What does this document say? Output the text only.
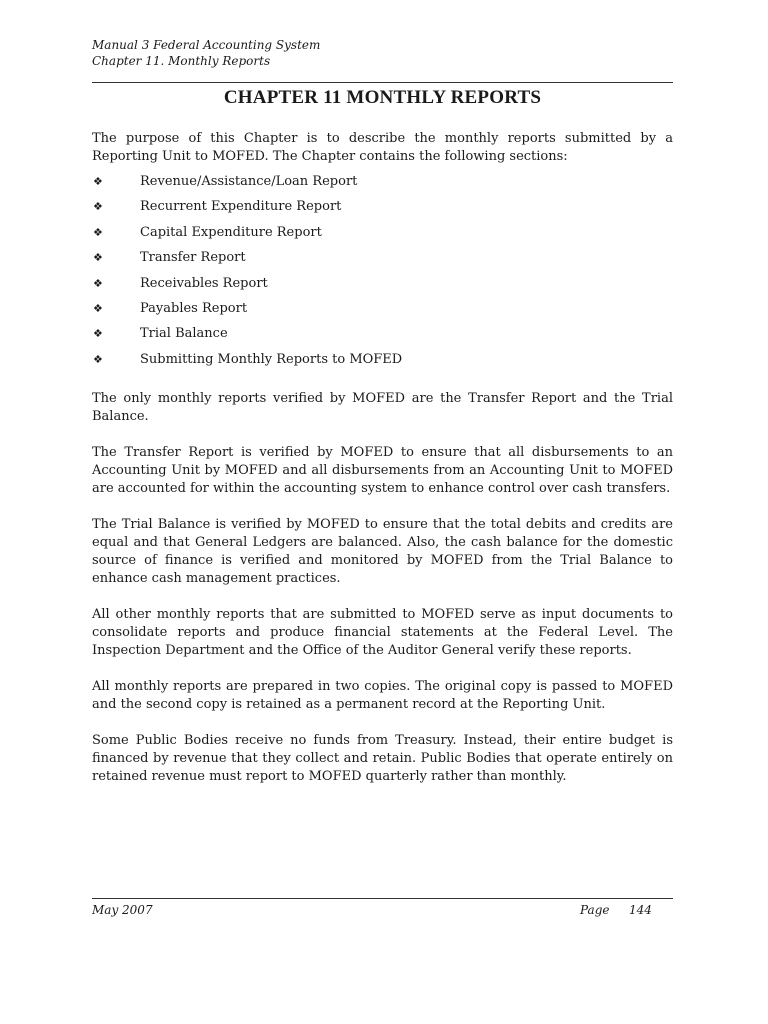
Manual 3 Federal Accounting System
Chapter 11. Monthly Reports
CHAPTER 11 MONTHLY REPORTS

The purpose of this Chapter is to describe the monthly reports submitted by a Reporting Unit to MOFED. The Chapter contains the following sections:

❖	Revenue/Assistance/Loan Report
❖	Recurrent Expenditure Report
❖	Capital Expenditure Report
❖	Transfer Report
❖	Receivables Report
❖	Payables Report
❖	Trial Balance
❖	Submitting Monthly Reports to MOFED

The only monthly reports verified by MOFED are the Transfer Report and the Trial Balance.

The Transfer Report is verified by MOFED to ensure that all disbursements to an Accounting Unit by MOFED and all disbursements from an Accounting Unit to MOFED are accounted for within the accounting system to enhance control over cash transfers.

The Trial Balance is verified by MOFED to ensure that the total debits and credits are equal and that General Ledgers are balanced. Also, the cash balance for the domestic source of finance is verified and monitored by MOFED from the Trial Balance to enhance cash management practices.

All other monthly reports that are submitted to MOFED serve as input documents to consolidate reports and produce financial statements at the Federal Level. The Inspection Department and the Office of the Auditor General verify these reports.

All monthly reports are prepared in two copies. The original copy is passed to MOFED and the second copy is retained as a permanent record at the Reporting Unit.

Some Public Bodies receive no funds from Treasury. Instead, their entire budget is financed by revenue that they collect and retain. Public Bodies that operate entirely on retained revenue must report to MOFED quarterly rather than monthly.

May 2007	Page 144
